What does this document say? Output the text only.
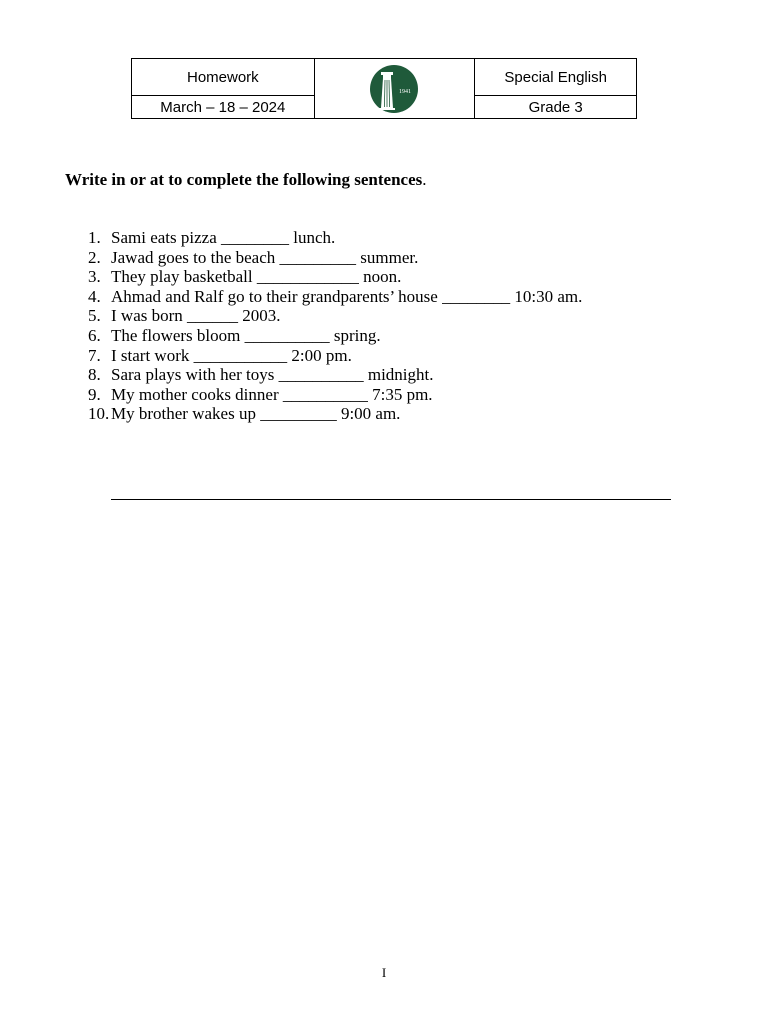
Homework	1941	Special English
March – 18 – 2024		Grade 3

Write in or at to complete the following sentences.

1. Sami eats pizza ________ lunch.
2. Jawad goes to the beach _________ summer.
3. They play basketball ____________ noon.
4. Ahmad and Ralf go to their grandparents’ house ________ 10:30 am.
5. I was born ______ 2003.
6. The flowers bloom __________ spring.
7. I start work ___________ 2:00 pm.
8. Sara plays with her toys __________ midnight.
9. My mother cooks dinner __________ 7:35 pm.
10. My brother wakes up _________ 9:00 am.
I
